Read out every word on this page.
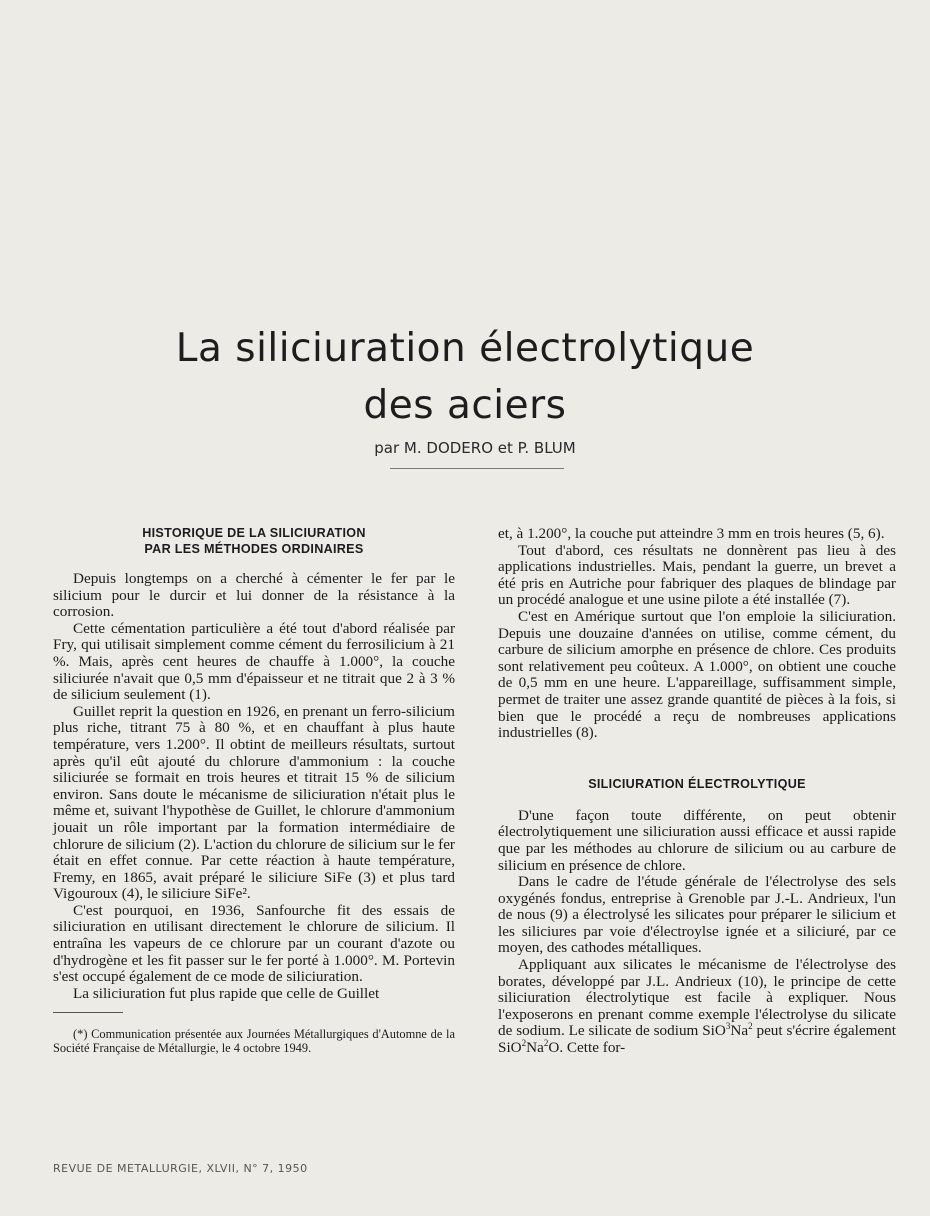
La siliciuration électrolytique
des aciers
par M. DODERO et P. BLUM
HISTORIQUE DE LA SILICIURATION
PAR LES MÉTHODES ORDINAIRES

Depuis longtemps on a cherché à cémenter le fer par le silicium pour le durcir et lui donner de la résistance à la corrosion.

Cette cémentation particulière a été tout d'abord réalisée par Fry, qui utilisait simplement comme cément du ferrosilicium à 21 %. Mais, après cent heures de chauffe à 1.000°, la couche siliciurée n'avait que 0,5 mm d'épaisseur et ne titrait que 2 à 3 % de silicium seulement (1).

Guillet reprit la question en 1926, en prenant un ferro-silicium plus riche, titrant 75 à 80 %, et en chauffant à plus haute température, vers 1.200°. Il obtint de meilleurs résultats, surtout après qu'il eût ajouté du chlorure d'ammonium : la couche siliciurée se formait en trois heures et titrait 15 % de silicium environ. Sans doute le mécanisme de siliciuration n'était plus le même et, suivant l'hypothèse de Guillet, le chlorure d'ammonium jouait un rôle important par la formation intermédiaire de chlorure de silicium (2). L'action du chlorure de silicium sur le fer était en effet connue. Par cette réaction à haute température, Fremy, en 1865, avait préparé le siliciure SiFe (3) et plus tard Vigouroux (4), le siliciure SiFe².

C'est pourquoi, en 1936, Sanfourche fit des essais de siliciuration en utilisant directement le chlorure de silicium. Il entraîna les vapeurs de ce chlorure par un courant d'azote ou d'hydrogène et les fit passer sur le fer porté à 1.000°. M. Portevin s'est occupé également de ce mode de siliciuration.

La siliciuration fut plus rapide que celle de Guillet

(*) Communication présentée aux Journées Métallurgiques d'Automne de la Société Française de Métallurgie, le 4 octobre 1949.

et, à 1.200°, la couche put atteindre 3 mm en trois heures (5, 6).

Tout d'abord, ces résultats ne donnèrent pas lieu à des applications industrielles. Mais, pendant la guerre, un brevet a été pris en Autriche pour fabriquer des plaques de blindage par un procédé analogue et une usine pilote a été installée (7).

C'est en Amérique surtout que l'on emploie la siliciuration. Depuis une douzaine d'années on utilise, comme cément, du carbure de silicium amorphe en présence de chlore. Ces produits sont relativement peu coûteux. A 1.000°, on obtient une couche de 0,5 mm en une heure. L'appareillage, suffisamment simple, permet de traiter une assez grande quantité de pièces à la fois, si bien que le procédé a reçu de nombreuses applications industrielles (8).

SILICIURATION ÉLECTROLYTIQUE

D'une façon toute différente, on peut obtenir électrolytiquement une siliciuration aussi efficace et aussi rapide que par les méthodes au chlorure de silicium ou au carbure de silicium en présence de chlore.

Dans le cadre de l'étude générale de l'électrolyse des sels oxygénés fondus, entreprise à Grenoble par J.-L. Andrieux, l'un de nous (9) a électrolysé les silicates pour préparer le silicium et les siliciures par voie d'électroylse ignée et a siliciuré, par ce moyen, des cathodes métalliques.

Appliquant aux silicates le mécanisme de l'électrolyse des borates, développé par J.L. Andrieux (10), le principe de cette siliciuration électrolytique est facile à expliquer. Nous l'exposerons en prenant comme exemple l'électrolyse du silicate de sodium. Le silicate de sodium SiO$^3$Na$^2$ peut s'écrire également SiO$^2$Na$^2$O. Cette for-

REVUE DE METALLURGIE, XLVII, N° 7, 1950
